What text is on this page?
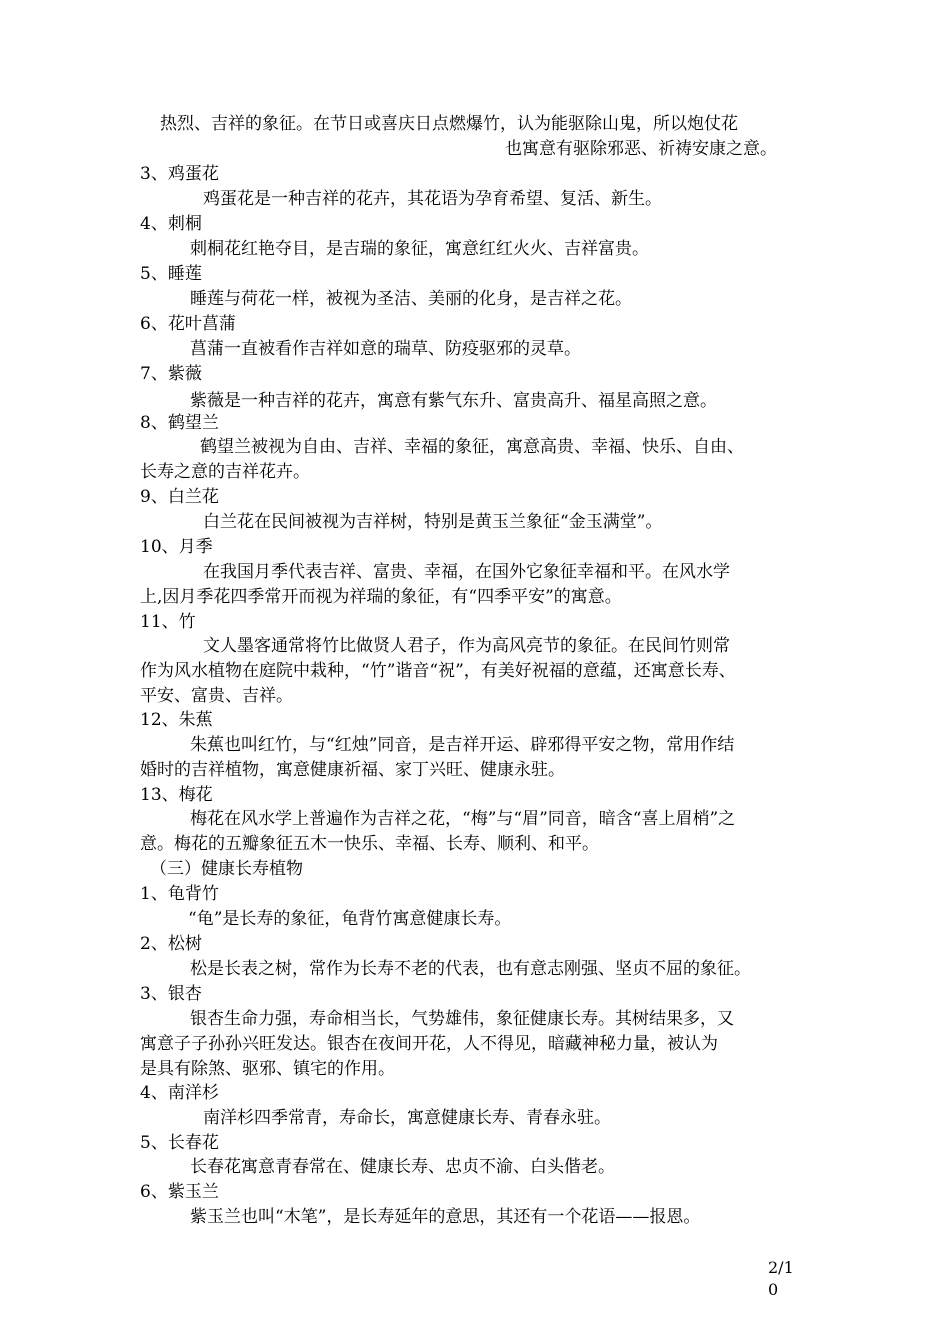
热烈、吉祥的象征。在节日或喜庆日点燃爆竹，认为能驱除山鬼，所以炮仗花
也寓意有驱除邪恶、祈祷安康之意。
3、鸡蛋花
鸡蛋花是一种吉祥的花卉，其花语为孕育希望、复活、新生。
4、刺桐
刺桐花红艳夺目，是吉瑞的象征，寓意红红火火、吉祥富贵。
5、睡莲
睡莲与荷花一样，被视为圣洁、美丽的化身，是吉祥之花。
6、花叶菖蒲
菖蒲一直被看作吉祥如意的瑞草、防疫驱邪的灵草。
7、紫薇
紫薇是一种吉祥的花卉，寓意有紫气东升、富贵高升、福星高照之意。
8、鹤望兰
鹤望兰被视为自由、吉祥、幸福的象征，寓意高贵、幸福、快乐、自由、
长寿之意的吉祥花卉。
9、白兰花
白兰花在民间被视为吉祥树，特别是黄玉兰象征“金玉满堂”。
10、月季
在我国月季代表吉祥、富贵、幸福，在国外它象征幸福和平。在风水学
上,因月季花四季常开而视为祥瑞的象征，有“四季平安”的寓意。
11、竹
文人墨客通常将竹比做贤人君子，作为高风亮节的象征。在民间竹则常
作为风水植物在庭院中栽种，“竹”谐音“祝”，有美好祝福的意蕴，还寓意长寿、
平安、富贵、吉祥。
12、朱蕉
朱蕉也叫红竹，与“红烛”同音，是吉祥开运、辟邪得平安之物，常用作结
婚时的吉祥植物，寓意健康祈福、家丁兴旺、健康永驻。
13、梅花
梅花在风水学上普遍作为吉祥之花，“梅”与“眉”同音，暗含“喜上眉梢”之
意。梅花的五瓣象征五木一快乐、幸福、长寿、顺利、和平。
（三）健康长寿植物
1、龟背竹
“龟”是长寿的象征，龟背竹寓意健康长寿。
2、松树
松是长表之树，常作为长寿不老的代表，也有意志刚强、坚贞不屈的象征。
3、银杏
银杏生命力强，寿命相当长，气势雄伟，象征健康长寿。其树结果多，又
寓意子子孙孙兴旺发达。银杏在夜间开花，人不得见，暗藏神秘力量，被认为
是具有除煞、驱邪、镇宅的作用。
4、南洋杉
南洋杉四季常青，寿命长，寓意健康长寿、青春永驻。
5、长春花
长春花寓意青春常在、健康长寿、忠贞不渝、白头偕老。
6、紫玉兰
紫玉兰也叫“木笔”，是长寿延年的意思，其还有一个花语——报恩。
2/1
0
